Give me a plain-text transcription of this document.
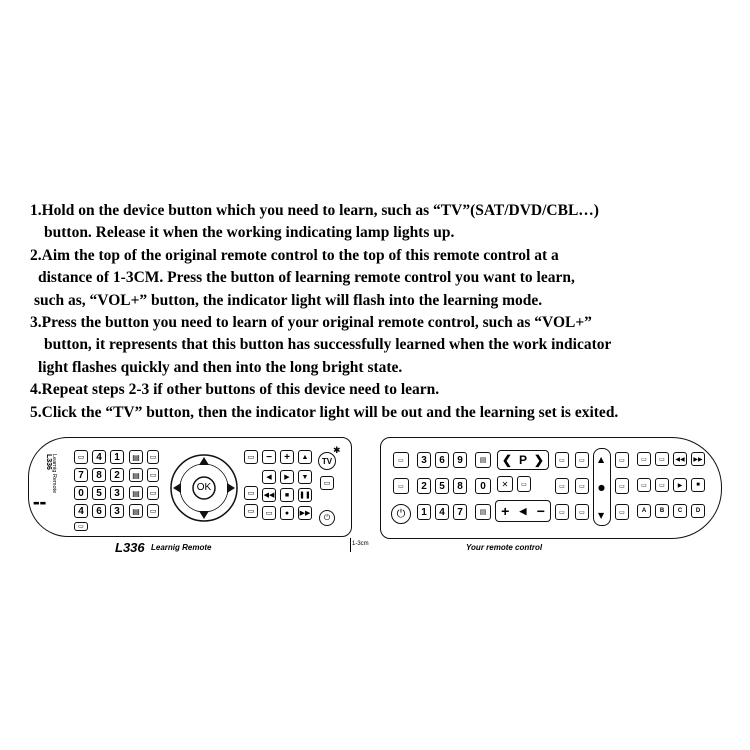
1.Hold on the device button which you need to learn, such as “TV”(SAT/DVD/CBL…)
button. Release it when the working indicating lamp lights up.
2.Aim the top of the original remote control to the top of this remote control at a
distance of 1-3CM. Press the button of learning remote control you want to learn,
such as, “VOL+” button, the indicator light will flash into the learning mode.
3.Press the button you need to learn of your original remote control, such as “VOL+”
button, it represents that this button has successfully learned when the work indicator
light flashes quickly and then into the long bright state.
4.Repeat steps 2-3 if other buttons of this device need to learn.
5.Click the “TV” button, then the indicator light will be out and the learning set is exited.
L336 Learnig Remote
▬▬
▭
7
0
4
▭
4
8
5
6
1
2
3
3
▤
▤
▤
▤
▭
▭
▭
▭
OK
▭
▭
▭
−
◀
◀◀
▭
+
▶
■
●
▲
▼
❚❚
▶▶
TV
✱
▭
⏻
L336 Learnig Remote	1-3cm
▭
▭
⏻
3
2
1
6
5
4
9
8
7
▤
0
▤
❮ P ❯
✕	▭
+ ◀ −
▭
▭
▭
▭
▭
▭
▲
●
▼
▭
▭
▭
▭
▭
A
▭
▭
B
◀◀
▶
C
▶▶
■
D
Your remote control
